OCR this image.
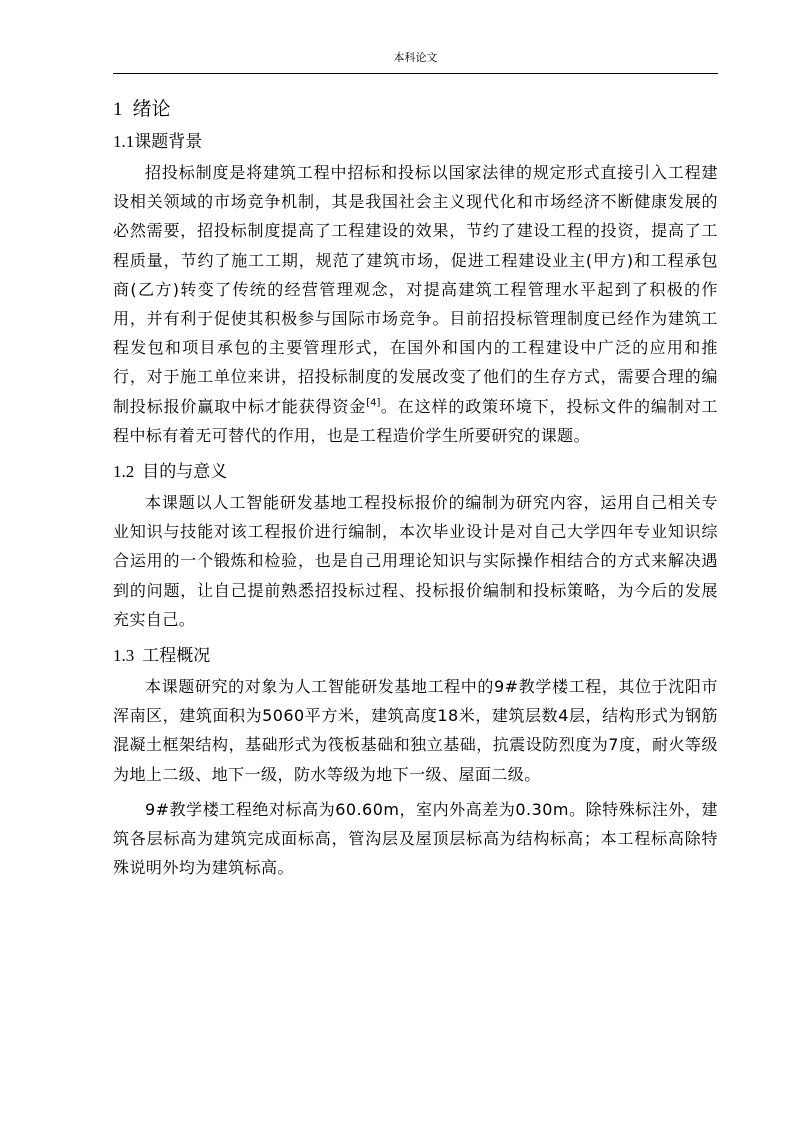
本科论文
1 绪论
1.1课题背景

招投标制度是将建筑工程中招标和投标以国家法律的规定形式直接引入工程建设相关领域的市场竞争机制，其是我国社会主义现代化和市场经济不断健康发展的必然需要，招投标制度提高了工程建设的效果，节约了建设工程的投资，提高了工程质量，节约了施工工期，规范了建筑市场，促进工程建设业主(甲方)和工程承包商(乙方)转变了传统的经营管理观念，对提高建筑工程管理水平起到了积极的作用，并有利于促使其积极参与国际市场竞争。目前招投标管理制度已经作为建筑工程发包和项目承包的主要管理形式，在国外和国内的工程建设中广泛的应用和推行，对于施工单位来讲，招投标制度的发展改变了他们的生存方式，需要合理的编制投标报价赢取中标才能获得资金[4]。在这样的政策环境下，投标文件的编制对工程中标有着无可替代的作用，也是工程造价学生所要研究的课题。

1.2 目的与意义

本课题以人工智能研发基地工程投标报价的编制为研究内容，运用自己相关专业知识与技能对该工程报价进行编制，本次毕业设计是对自己大学四年专业知识综合运用的一个锻炼和检验，也是自己用理论知识与实际操作相结合的方式来解决遇到的问题，让自己提前熟悉招投标过程、投标报价编制和投标策略，为今后的发展充实自己。

1.3 工程概况

本课题研究的对象为人工智能研发基地工程中的9#教学楼工程，其位于沈阳市浑南区，建筑面积为5060平方米，建筑高度18米，建筑层数4层，结构形式为钢筋混凝土框架结构，基础形式为筏板基础和独立基础，抗震设防烈度为7度，耐火等级为地上二级、地下一级，防水等级为地下一级、屋面二级。

9#教学楼工程绝对标高为60.60m，室内外高差为0.30m。除特殊标注外，建筑各层标高为建筑完成面标高，管沟层及屋顶层标高为结构标高；本工程标高除特殊说明外均为建筑标高。
